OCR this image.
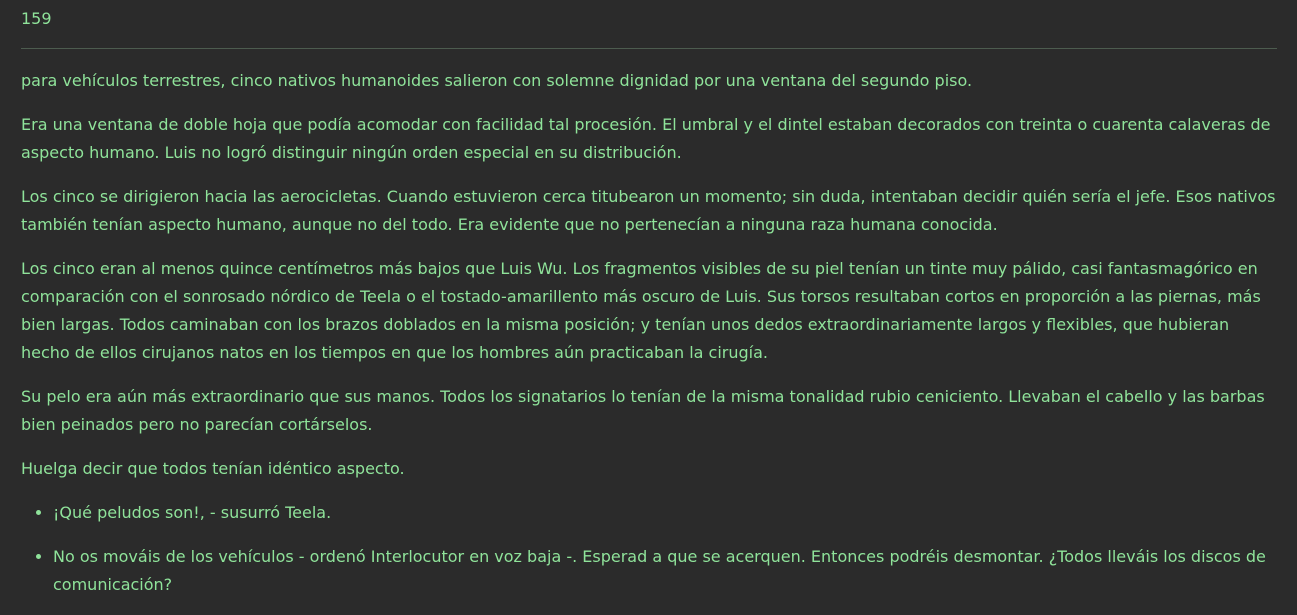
159

para vehículos terrestres, cinco nativos humanoides salieron con solemne dignidad por una ventana del segundo piso.

Era una ventana de doble hoja que podía acomodar con facilidad tal procesión. El umbral y el dintel estaban decorados con treinta o cuarenta calaveras de aspecto humano. Luis no logró distinguir ningún orden especial en su distribución.

Los cinco se dirigieron hacia las aerocicletas. Cuando estuvieron cerca titubearon un momento; sin duda, intentaban decidir quién sería el jefe. Esos nativos también tenían aspecto humano, aunque no del todo. Era evidente que no pertenecían a ninguna raza humana conocida.

Los cinco eran al menos quince centímetros más bajos que Luis Wu. Los fragmentos visibles de su piel tenían un tinte muy pálido, casi fantasmagórico en comparación con el sonrosado nórdico de Teela o el tostado-amarillento más oscuro de Luis. Sus torsos resultaban cortos en proporción a las piernas, más bien largas. Todos caminaban con los brazos doblados en la misma posición; y tenían unos dedos extraordinariamente largos y flexibles, que hubieran hecho de ellos cirujanos natos en los tiempos en que los hombres aún practicaban la cirugía.

Su pelo era aún más extraordinario que sus manos. Todos los signatarios lo tenían de la misma tonalidad rubio ceniciento. Llevaban el cabello y las barbas bien peinados pero no parecían cortárselos.

Huelga decir que todos tenían idéntico aspecto.

• ¡Qué peludos son!, - susurró Teela.
• No os mováis de los vehículos - ordenó Interlocutor en voz baja -. Esperad a que se acerquen. Entonces podréis desmontar. ¿Todos lleváis los discos de comunicación?
